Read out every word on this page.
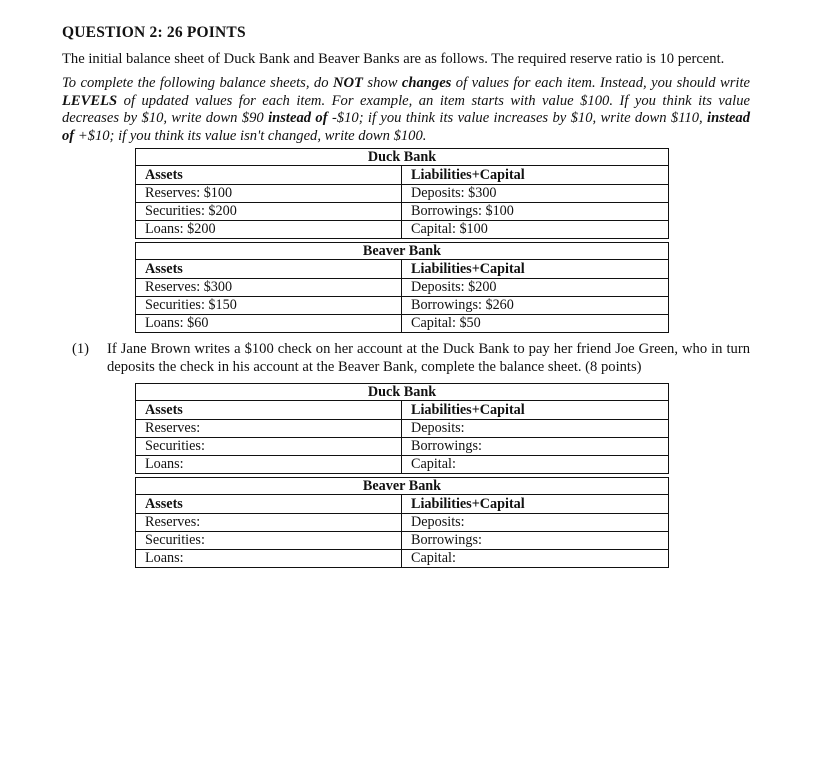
QUESTION 2: 26 POINTS
The initial balance sheet of Duck Bank and Beaver Banks are as follows. The required reserve ratio is 10 percent.
To complete the following balance sheets, do NOT show changes of values for each item. Instead, you should write LEVELS of updated values for each item. For example, an item starts with value $100. If you think its value decreases by $10, write down $90 instead of -$10; if you think its value increases by $10, write down $110, instead of +$10; if you think its value isn't changed, write down $100.
Duck Bank	
Assets	Liabilities+Capital
Reserves: $100	Deposits: $300
Securities: $200	Borrowings: $100
Loans: $200	Capital: $100
Beaver Bank	
Assets	Liabilities+Capital
Reserves: $300	Deposits: $200
Securities: $150	Borrowings: $260
Loans: $60	Capital: $50
(1)	If Jane Brown writes a $100 check on her account at the Duck Bank to pay her friend Joe Green, who in turn deposits the check in his account at the Beaver Bank, complete the balance sheet. (8 points)
Duck Bank	
Assets	Liabilities+Capital
Reserves:	Deposits:
Securities:	Borrowings:
Loans:	Capital:
Beaver Bank	
Assets	Liabilities+Capital
Reserves:	Deposits:
Securities:	Borrowings:
Loans:	Capital:
